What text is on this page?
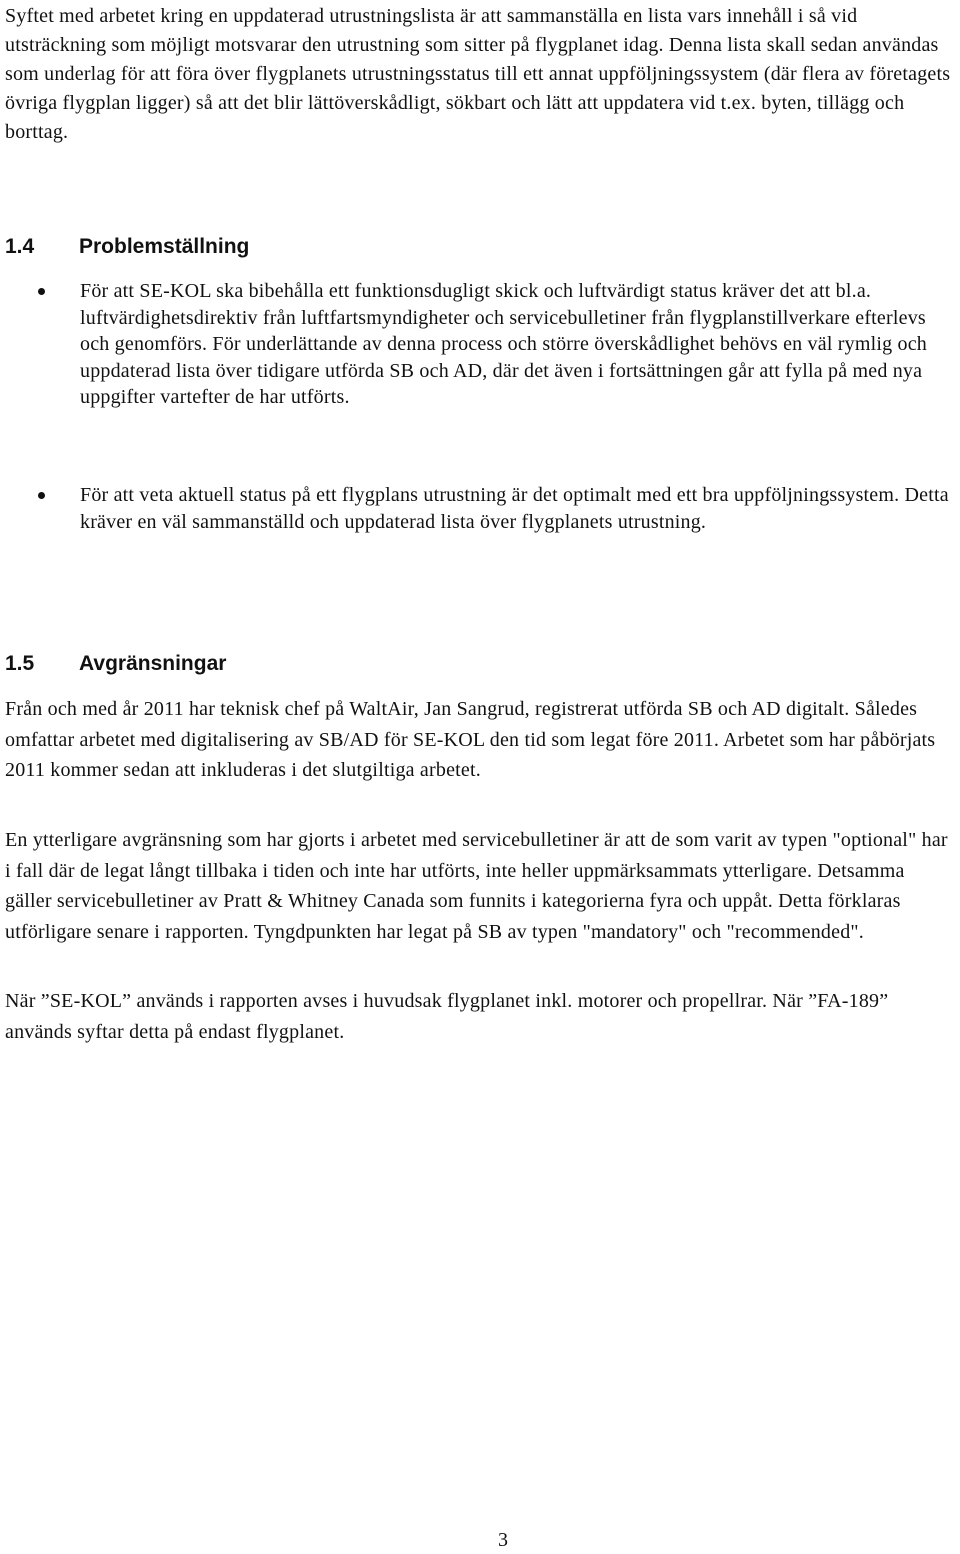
Syftet med arbetet kring en uppdaterad utrustningslista är att sammanställa en lista vars innehåll i så vid utsträckning som möjligt motsvarar den utrustning som sitter på flygplanet idag. Denna lista skall sedan användas som underlag för att föra över flygplanets utrustningsstatus till ett annat uppföljningssystem (där flera av företagets övriga flygplan ligger) så att det blir lättöverskådligt, sökbart och lätt att uppdatera vid t.ex. byten, tillägg och borttag.

1.4 Problemställning
För att SE-KOL ska bibehålla ett funktionsdugligt skick och luftvärdigt status kräver det att bl.a. luftvärdighetsdirektiv från luftfartsmyndigheter och servicebulletiner från flygplanstillverkare efterlevs och genomförs. För underlättande av denna process och större överskådlighet behövs en väl rymlig och uppdaterad lista över tidigare utförda SB och AD, där det även i fortsättningen går att fylla på med nya uppgifter vartefter de har utförts.
För att veta aktuell status på ett flygplans utrustning är det optimalt med ett bra uppföljningssystem. Detta kräver en väl sammanställd och uppdaterad lista över flygplanets utrustning.
1.5 Avgränsningar

Från och med år 2011 har teknisk chef på WaltAir, Jan Sangrud, registrerat utförda SB och AD digitalt. Således omfattar arbetet med digitalisering av SB/AD för SE-KOL den tid som legat före 2011. Arbetet som har påbörjats 2011 kommer sedan att inkluderas i det slutgiltiga arbetet.

En ytterligare avgränsning som har gjorts i arbetet med servicebulletiner är att de som varit av typen "optional" har i fall där de legat långt tillbaka i tiden och inte har utförts, inte heller uppmärksammats ytterligare. Detsamma gäller servicebulletiner av Pratt & Whitney Canada som funnits i kategorierna fyra och uppåt. Detta förklaras utförligare senare i rapporten. Tyngdpunkten har legat på SB av typen "mandatory" och "recommended".

När ”SE-KOL” används i rapporten avses i huvudsak flygplanet inkl. motorer och propellrar. När ”FA-189” används syftar detta på endast flygplanet.

3
